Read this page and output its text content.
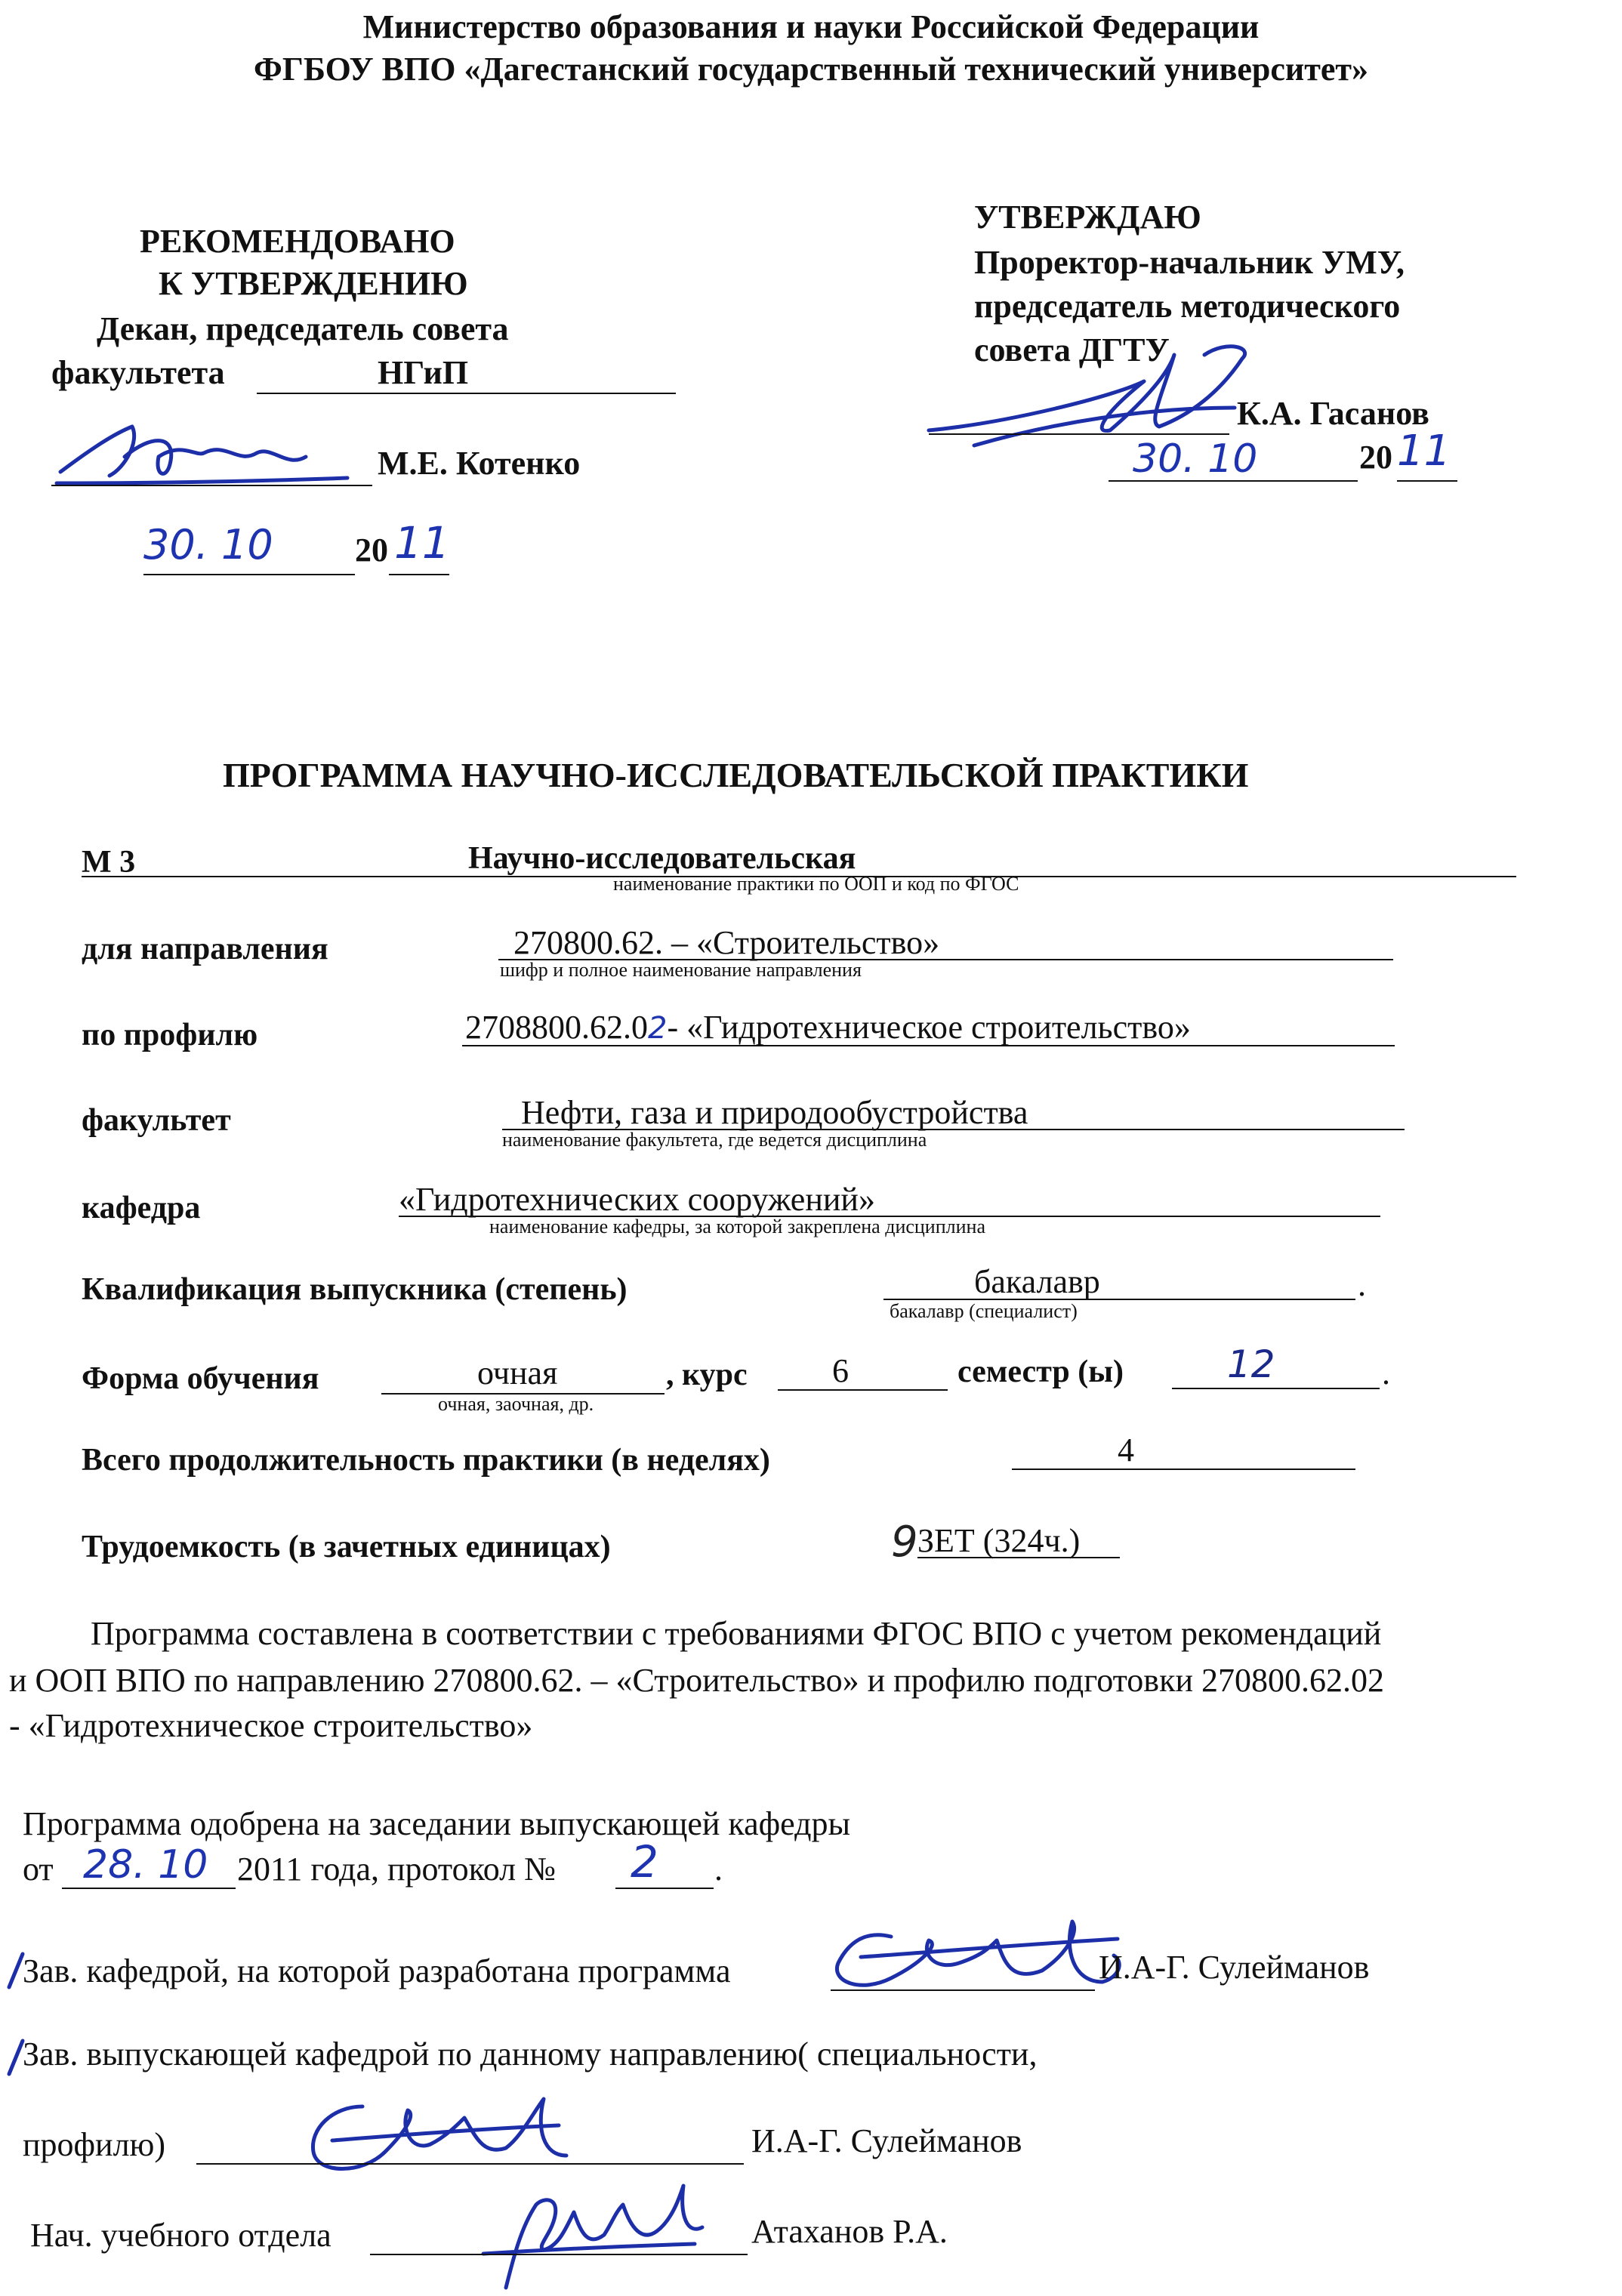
Министерство образования и науки Российской Федерации
ФГБОУ ВПО «Дагестанский государственный технический университет»
РЕКОМЕНДОВАНО
К УТВЕРЖДЕНИЮ
Декан, председатель совета
факультета	НГиП
М.Е. Котенко
30. 10 20 11
УТВЕРЖДАЮ
Проректор-начальник УМУ,
председатель методического
совета ДГТУ
К.А. Гасанов
30. 10	20 11
ПРОГРАММА НАУЧНО-ИССЛЕДОВАТЕЛЬСКОЙ ПРАКТИКИ
М 3	Научно-исследовательская
наименование практики по ООП и код по ФГОС
для направления	270800.62. – «Строительство»
шифр и полное наименование направления
по профилю	2708800.62.02- «Гидротехническое строительство»
факультет	Нефти, газа и природообустройства
наименование факультета, где ведется дисциплина
кафедра	«Гидротехнических сооружений»
наименование кафедры, за которой закреплена дисциплина
Квалификация выпускника (степень)	бакалавр	.
бакалавр (специалист)
Форма обучения	очная
очная, заочная, др.
, курс	6	семестр (ы)	12	.
Всего продолжительность практики (в неделях)	4
Трудоемкость (в зачетных единицах)	9 ЗЕТ (324ч.)
Программа составлена в соответствии с требованиями ФГОС ВПО с учетом рекомендаций
и ООП ВПО по направлению 270800.62. – «Строительство» и профилю подготовки 270800.62.02
- «Гидротехническое строительство»
Программа одобрена на заседании выпускающей кафедры
от 28. 10 2011 года, протокол № 2 .
Зав. кафедрой, на которой разработана программа	И.А-Г. Сулейманов
Зав. выпускающей кафедрой по данному направлению( специальности,
профилю)	И.А-Г. Сулейманов
Нач. учебного отдела	Атаханов Р.А.
